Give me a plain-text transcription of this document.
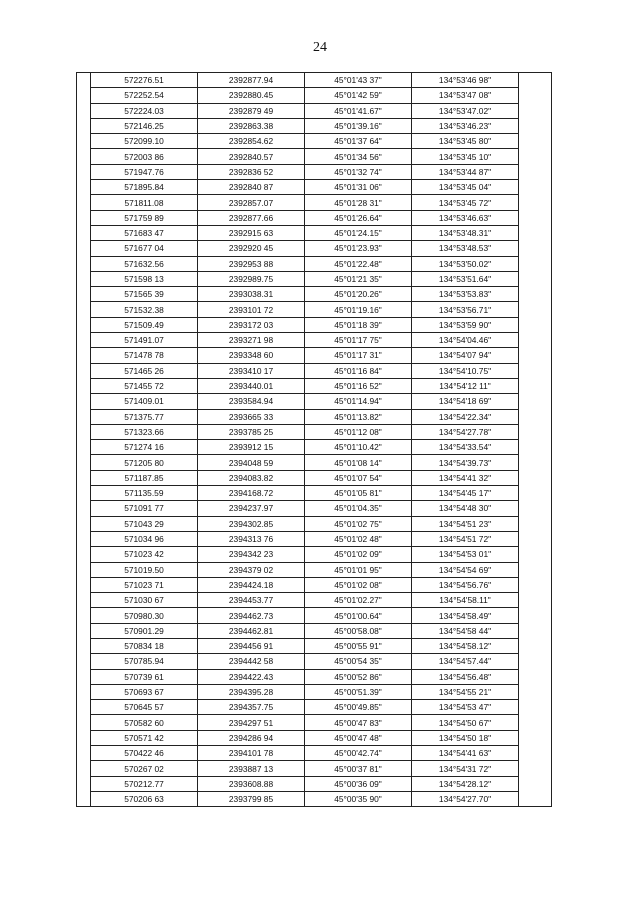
24
	572276.51	2392877.94	45°01'43 37"	134°53'46 98"	
	572252.54	2392880.45	45°01'42 59"	134°53'47 08"	
	572224.03	2392879 49	45°01'41.67"	134°53'47.02"	
	572146.25	2392863.38	45°01'39.16"	134°53'46.23"	
	572099.10	2392854.62	45°01'37 64"	134°53'45 80"	
	572003 86	2392840.57	45°01'34 56"	134°53'45 10"	
	571947.76	2392836 52	45°01'32 74"	134°53'44 87"	
	571895.84	2392840 87	45°01'31 06"	134°53'45 04"	
	571811.08	2392857.07	45°01'28 31"	134°53'45 72"	
	571759 89	2392877.66	45°01'26.64"	134°53'46.63"	
	571683 47	2392915 63	45°01'24.15"	134°53'48.31"	
	571677 04	2392920 45	45°01'23.93"	134°53'48.53"	
	571632.56	2392953 88	45°01'22.48"	134°53'50.02"	
	571598 13	2392989.75	45°01'21 35"	134°53'51.64"	
	571565 39	2393038.31	45°01'20.26"	134°53'53.83"	
	571532.38	2393101 72	45°01'19.16"	134°53'56.71"	
	571509.49	2393172 03	45°01'18 39"	134°53'59 90"	
	571491.07	2393271 98	45°01'17 75"	134°54'04.46"	
	571478 78	2393348 60	45°01'17 31"	134°54'07 94"	
	571465 26	2393410 17	45°01'16 84"	134°54'10.75"	
	571455 72	2393440.01	45°01'16 52"	134°54'12 11"	
	571409.01	2393584.94	45°01'14.94"	134°54'18 69"	
	571375.77	2393665 33	45°01'13.82"	134°54'22.34"	
	571323.66	2393785 25	45°01'12 08"	134°54'27.78"	
	571274 16	2393912 15	45°01'10.42"	134°54'33.54"	
	571205 80	2394048 59	45°01'08 14"	134°54'39.73"	
	571187.85	2394083.82	45°01'07 54"	134°54'41 32"	
	571135.59	2394168.72	45°01'05 81"	134°54'45 17"	
	571091 77	2394237.97	45°01'04.35"	134°54'48 30"	
	571043 29	2394302.85	45°01'02 75"	134°54'51 23"	
	571034 96	2394313 76	45°01'02 48"	134°54'51 72"	
	571023 42	2394342 23	45°01'02 09"	134°54'53 01"	
	571019.50	2394379 02	45°01'01 95"	134°54'54 69"	
	571023 71	2394424.18	45°01'02 08"	134°54'56.76"	
	571030 67	2394453.77	45°01'02.27"	134°54'58.11"	
	570980.30	2394462.73	45°01'00.64"	134°54'58.49"	
	570901.29	2394462.81	45°00'58.08"	134°54'58 44"	
	570834 18	2394456 91	45°00'55 91"	134°54'58.12"	
	570785.94	2394442 58	45°00'54 35"	134°54'57.44"	
	570739 61	2394422.43	45°00'52 86"	134°54'56.48"	
	570693 67	2394395.28	45°00'51.39"	134°54'55 21"	
	570645 57	2394357.75	45°00'49.85"	134°54'53 47"	
	570582 60	2394297 51	45°00'47 83"	134°54'50 67"	
	570571 42	2394286 94	45°00'47 48"	134°54'50 18"	
	570422 46	2394101 78	45°00'42.74"	134°54'41 63"	
	570267 02	2393887 13	45°00'37 81"	134°54'31 72"	
	570212.77	2393608.88	45°00'36 09"	134°54'28.12"	
	570206 63	2393799 85	45°00'35 90"	134°54'27.70"	
